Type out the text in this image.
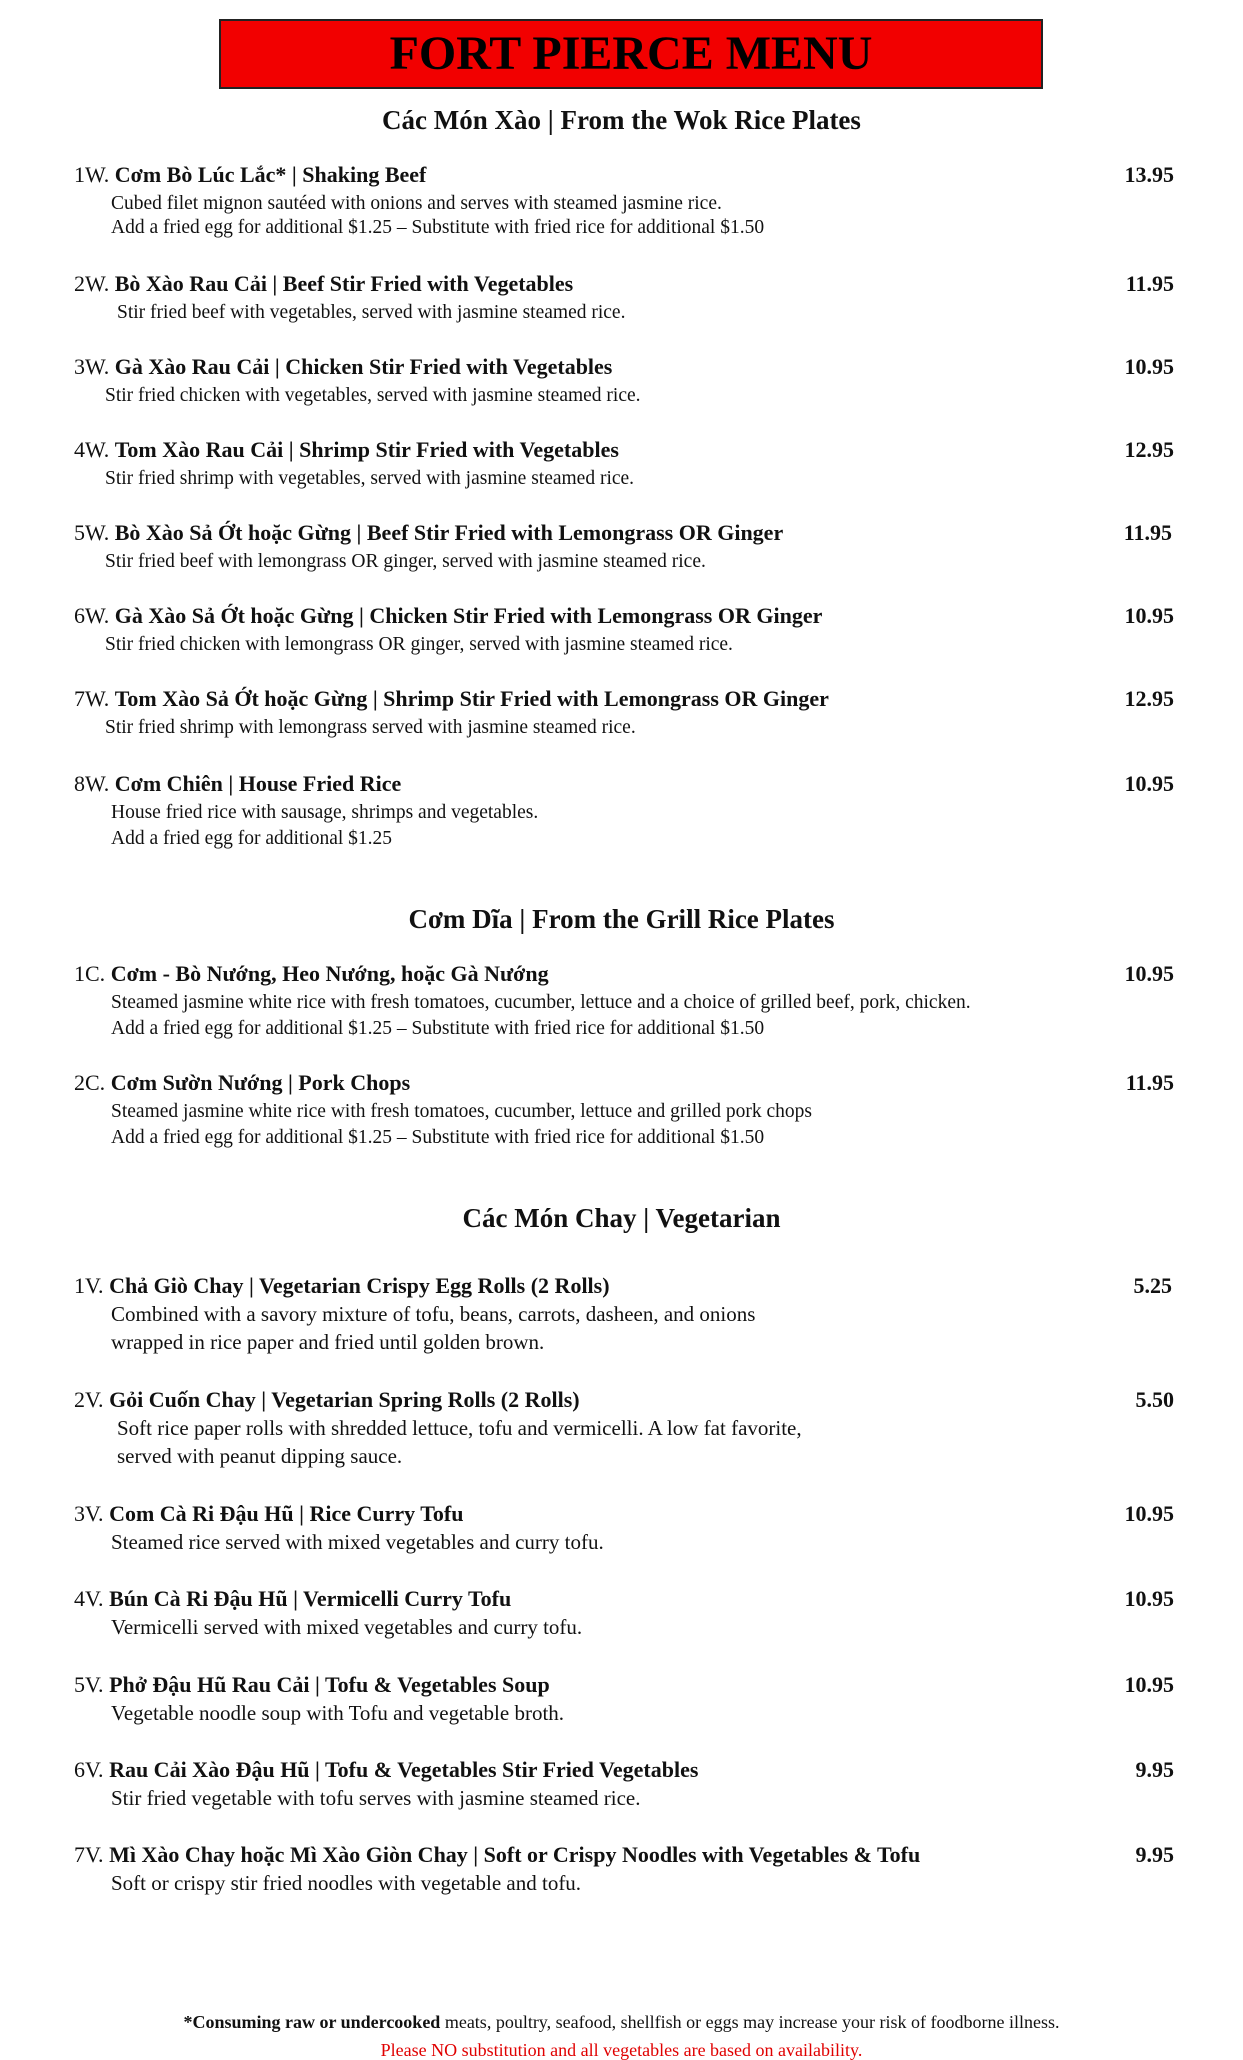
FORT PIERCE MENU
Các Món Xào | From the Wok Rice Plates
1W. Cơm Bò Lúc Lắc* | Shaking Beef	13.95
Cubed filet mignon sautéed with onions and serves with steamed jasmine rice.
Add a fried egg for additional $1.25 – Substitute with fried rice for additional $1.50
2W. Bò Xào Rau Cải | Beef Stir Fried with Vegetables	11.95
Stir fried beef with vegetables, served with jasmine steamed rice.
3W. Gà Xào Rau Cải | Chicken Stir Fried with Vegetables	10.95
Stir fried chicken with vegetables, served with jasmine steamed rice.
4W. Tom Xào Rau Cải | Shrimp Stir Fried with Vegetables	12.95
Stir fried shrimp with vegetables, served with jasmine steamed rice.
5W. Bò Xào Sả Ớt hoặc Gừng | Beef Stir Fried with Lemongrass OR Ginger	11.95
Stir fried beef with lemongrass OR ginger, served with jasmine steamed rice.
6W. Gà Xào Sả Ớt hoặc Gừng | Chicken Stir Fried with Lemongrass OR Ginger	10.95
Stir fried chicken with lemongrass OR ginger, served with jasmine steamed rice.
7W. Tom Xào Sả Ớt hoặc Gừng | Shrimp Stir Fried with Lemongrass OR Ginger	12.95
Stir fried shrimp with lemongrass served with jasmine steamed rice.
8W. Cơm Chiên | House Fried Rice	10.95
House fried rice with sausage, shrimps and vegetables.
Add a fried egg for additional $1.25
Cơm Dĩa | From the Grill Rice Plates
1C. Cơm - Bò Nướng, Heo Nướng, hoặc Gà Nướng	10.95
Steamed jasmine white rice with fresh tomatoes, cucumber, lettuce and a choice of grilled beef, pork, chicken.
Add a fried egg for additional $1.25 – Substitute with fried rice for additional $1.50
2C. Cơm Sườn Nướng | Pork Chops	11.95
Steamed jasmine white rice with fresh tomatoes, cucumber, lettuce and grilled pork chops
Add a fried egg for additional $1.25 – Substitute with fried rice for additional $1.50
Các Món Chay | Vegetarian
1V. Chả Giò Chay | Vegetarian Crispy Egg Rolls (2 Rolls)	5.25
Combined with a savory mixture of tofu, beans, carrots, dasheen, and onions
wrapped in rice paper and fried until golden brown.
2V. Gỏi Cuốn Chay | Vegetarian Spring Rolls (2 Rolls)	5.50
Soft rice paper rolls with shredded lettuce, tofu and vermicelli. A low fat favorite,
served with peanut dipping sauce.
3V. Com Cà Ri Đậu Hũ | Rice Curry Tofu	10.95
Steamed rice served with mixed vegetables and curry tofu.
4V. Bún Cà Ri Đậu Hũ | Vermicelli Curry Tofu	10.95
Vermicelli served with mixed vegetables and curry tofu.
5V. Phở Đậu Hũ Rau Cải | Tofu & Vegetables Soup	10.95
Vegetable noodle soup with Tofu and vegetable broth.
6V. Rau Cải Xào Đậu Hũ | Tofu & Vegetables Stir Fried Vegetables	9.95
Stir fried vegetable with tofu serves with jasmine steamed rice.
7V. Mì Xào Chay hoặc Mì Xào Giòn Chay | Soft or Crispy Noodles with Vegetables & Tofu	9.95
Soft or crispy stir fried noodles with vegetable and tofu.
*Consuming raw or undercooked meats, poultry, seafood, shellfish or eggs may increase your risk of foodborne illness.
Please NO substitution and all vegetables are based on availability.
